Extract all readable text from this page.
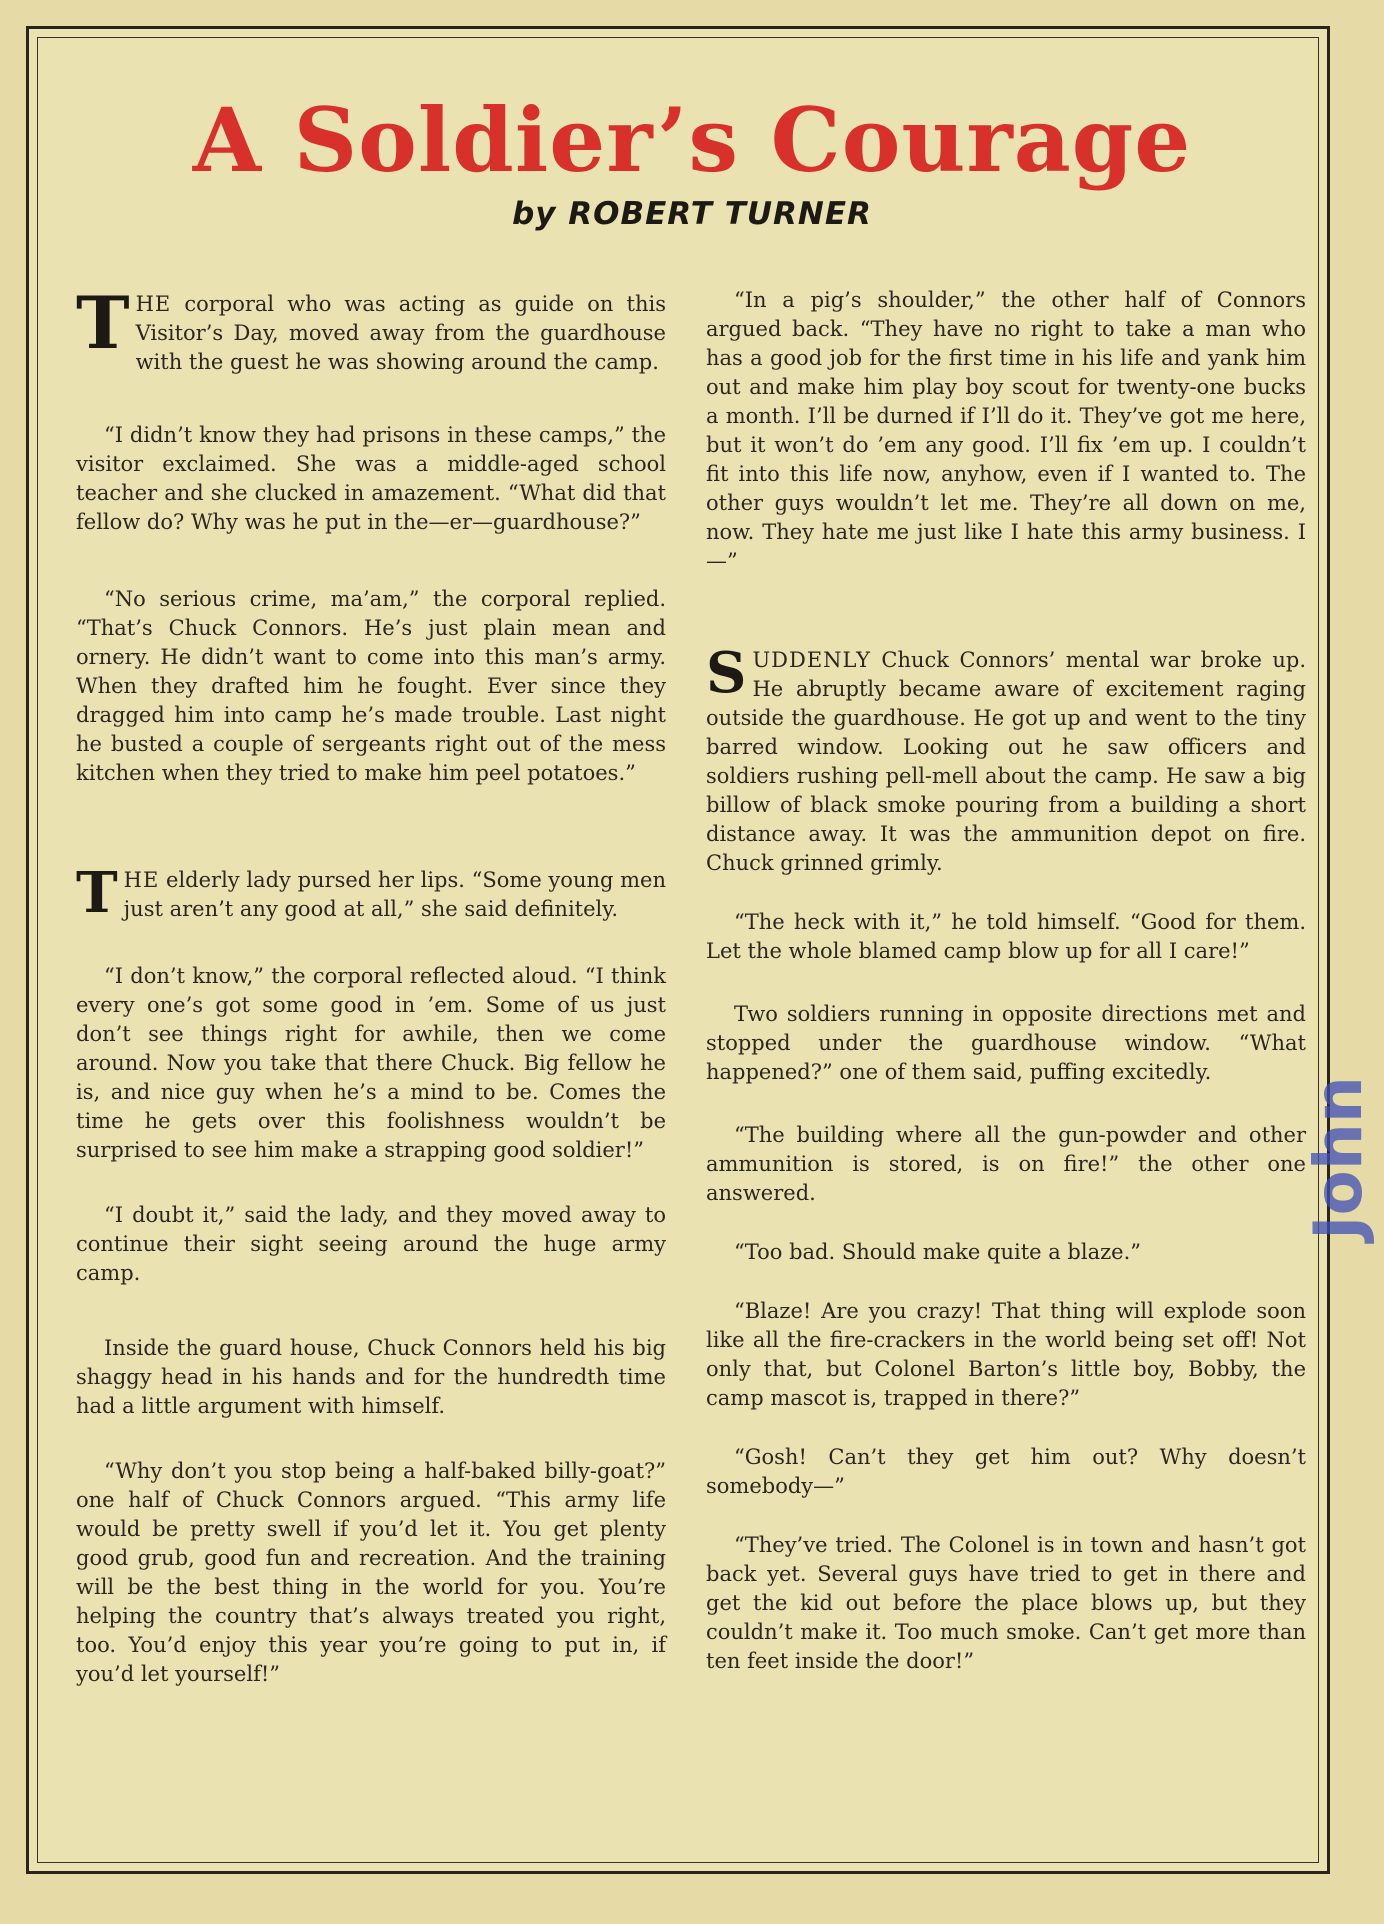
A Soldier’s Courage
by ROBERT TURNER

THE corporal who was acting as guide on this Visitor’s Day, moved away from the guardhouse with the guest he was showing around the camp.

“I didn’t know they had prisons in these camps,” the visitor exclaimed. She was a middle-aged school teacher and she clucked in amazement. “What did that fellow do? Why was he put in the—er—guardhouse?”

“No serious crime, ma’am,” the corporal replied. “That’s Chuck Connors. He’s just plain mean and ornery. He didn’t want to come into this man’s army. When they drafted him he fought. Ever since they dragged him into camp he’s made trouble. Last night he busted a couple of sergeants right out of the mess kitchen when they tried to make him peel potatoes.”

THE elderly lady pursed her lips. “Some young men just aren’t any good at all,” she said definitely.

“I don’t know,” the corporal reflected aloud. “I think every one’s got some good in ’em. Some of us just don’t see things right for awhile, then we come around. Now you take that there Chuck. Big fellow he is, and nice guy when he’s a mind to be. Comes the time he gets over this foolishness wouldn’t be surprised to see him make a strapping good soldier!”

“I doubt it,” said the lady, and they moved away to continue their sight seeing around the huge army camp.

Inside the guard house, Chuck Connors held his big shaggy head in his hands and for the hundredth time had a little argument with himself.

“Why don’t you stop being a half-baked billy-goat?” one half of Chuck Connors argued. “This army life would be pretty swell if you’d let it. You get plenty good grub, good fun and recreation. And the training will be the best thing in the world for you. You’re helping the country that’s always treated you right, too. You’d enjoy this year you’re going to put in, if you’d let yourself!”

“In a pig’s shoulder,” the other half of Connors argued back. “They have no right to take a man who has a good job for the first time in his life and yank him out and make him play boy scout for twenty-one bucks a month. I’ll be durned if I’ll do it. They’ve got me here, but it won’t do ’em any good. I’ll fix ’em up. I couldn’t fit into this life now, anyhow, even if I wanted to. The other guys wouldn’t let me. They’re all down on me, now. They hate me just like I hate this army business. I—”

SUDDENLY Chuck Connors’ mental war broke up. He abruptly became aware of excitement raging outside the guardhouse. He got up and went to the tiny barred window. Looking out he saw officers and soldiers rushing pell-mell about the camp. He saw a big billow of black smoke pouring from a building a short distance away. It was the ammunition depot on fire. Chuck grinned grimly.

“The heck with it,” he told himself. “Good for them. Let the whole blamed camp blow up for all I care!”

Two soldiers running in opposite directions met and stopped under the guardhouse window. “What happened?” one of them said, puffing excitedly.

“The building where all the gun-powder and other ammunition is stored, is on fire!” the other one answered.

“Too bad. Should make quite a blaze.”

“Blaze! Are you crazy! That thing will explode soon like all the fire-crackers in the world being set off! Not only that, but Colonel Barton’s little boy, Bobby, the camp mascot is, trapped in there?”

“Gosh! Can’t they get him out? Why doesn’t somebody—”

“They’ve tried. The Colonel is in town and hasn’t got back yet. Several guys have tried to get in there and get the kid out before the place blows up, but they couldn’t make it. Too much smoke. Can’t get more than ten feet inside the door!”

John
